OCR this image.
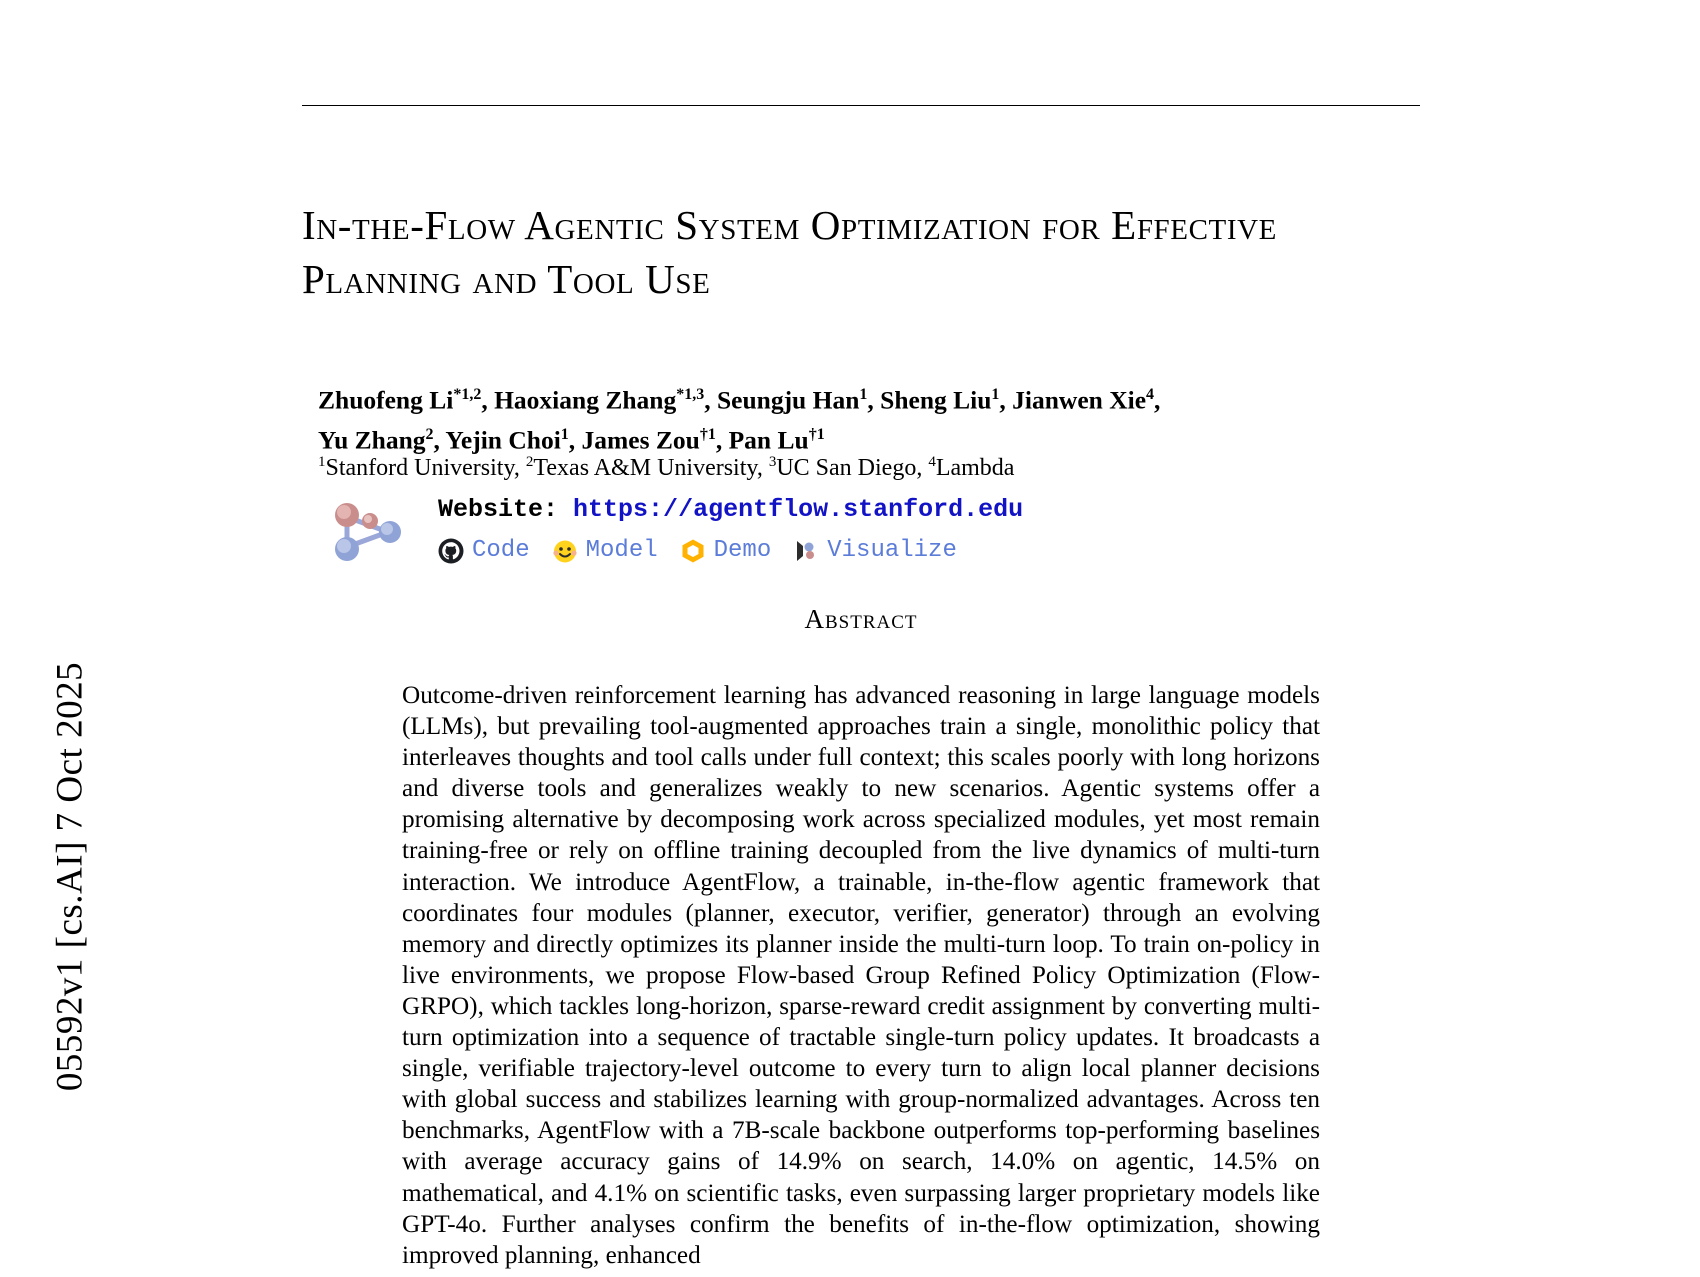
05592v1 [cs.AI] 7 Oct 2025
In-the-Flow Agentic System Optimization for Effective Planning and Tool Use
Zhuofeng Li$^{*1,2}$, Haoxiang Zhang$^{*1,3}$, Seungju Han$^1$, Sheng Liu$^1$, Jianwen Xie$^4$,
Yu Zhang$^2$, Yejin Choi$^1$, James Zou$^{\dagger 1}$, Pan Lu$^{\dagger 1}$
$^1$Stanford University, $^2$Texas A&M University, $^3$UC San Diego, $^4$Lambda
Website: https://agentflow.stanford.edu
Code Model Demo Visualize
Abstract
Outcome-driven reinforcement learning has advanced reasoning in large language models (LLMs), but prevailing tool-augmented approaches train a single, monolithic policy that interleaves thoughts and tool calls under full context; this scales poorly with long horizons and diverse tools and generalizes weakly to new scenarios. Agentic systems offer a promising alternative by decomposing work across specialized modules, yet most remain training-free or rely on offline training decoupled from the live dynamics of multi-turn interaction. We introduce AgentFlow, a trainable, in-the-flow agentic framework that coordinates four modules (planner, executor, verifier, generator) through an evolving memory and directly optimizes its planner inside the multi-turn loop. To train on-policy in live environments, we propose Flow-based Group Refined Policy Optimization (Flow-GRPO), which tackles long-horizon, sparse-reward credit assignment by converting multi-turn optimization into a sequence of tractable single-turn policy updates. It broadcasts a single, verifiable trajectory-level outcome to every turn to align local planner decisions with global success and stabilizes learning with group-normalized advantages. Across ten benchmarks, AgentFlow with a 7B-scale backbone outperforms top-performing baselines with average accuracy gains of 14.9% on search, 14.0% on agentic, 14.5% on mathematical, and 4.1% on scientific tasks, even surpassing larger proprietary models like GPT-4o. Further analyses confirm the benefits of in-the-flow optimization, showing improved planning, enhanced
